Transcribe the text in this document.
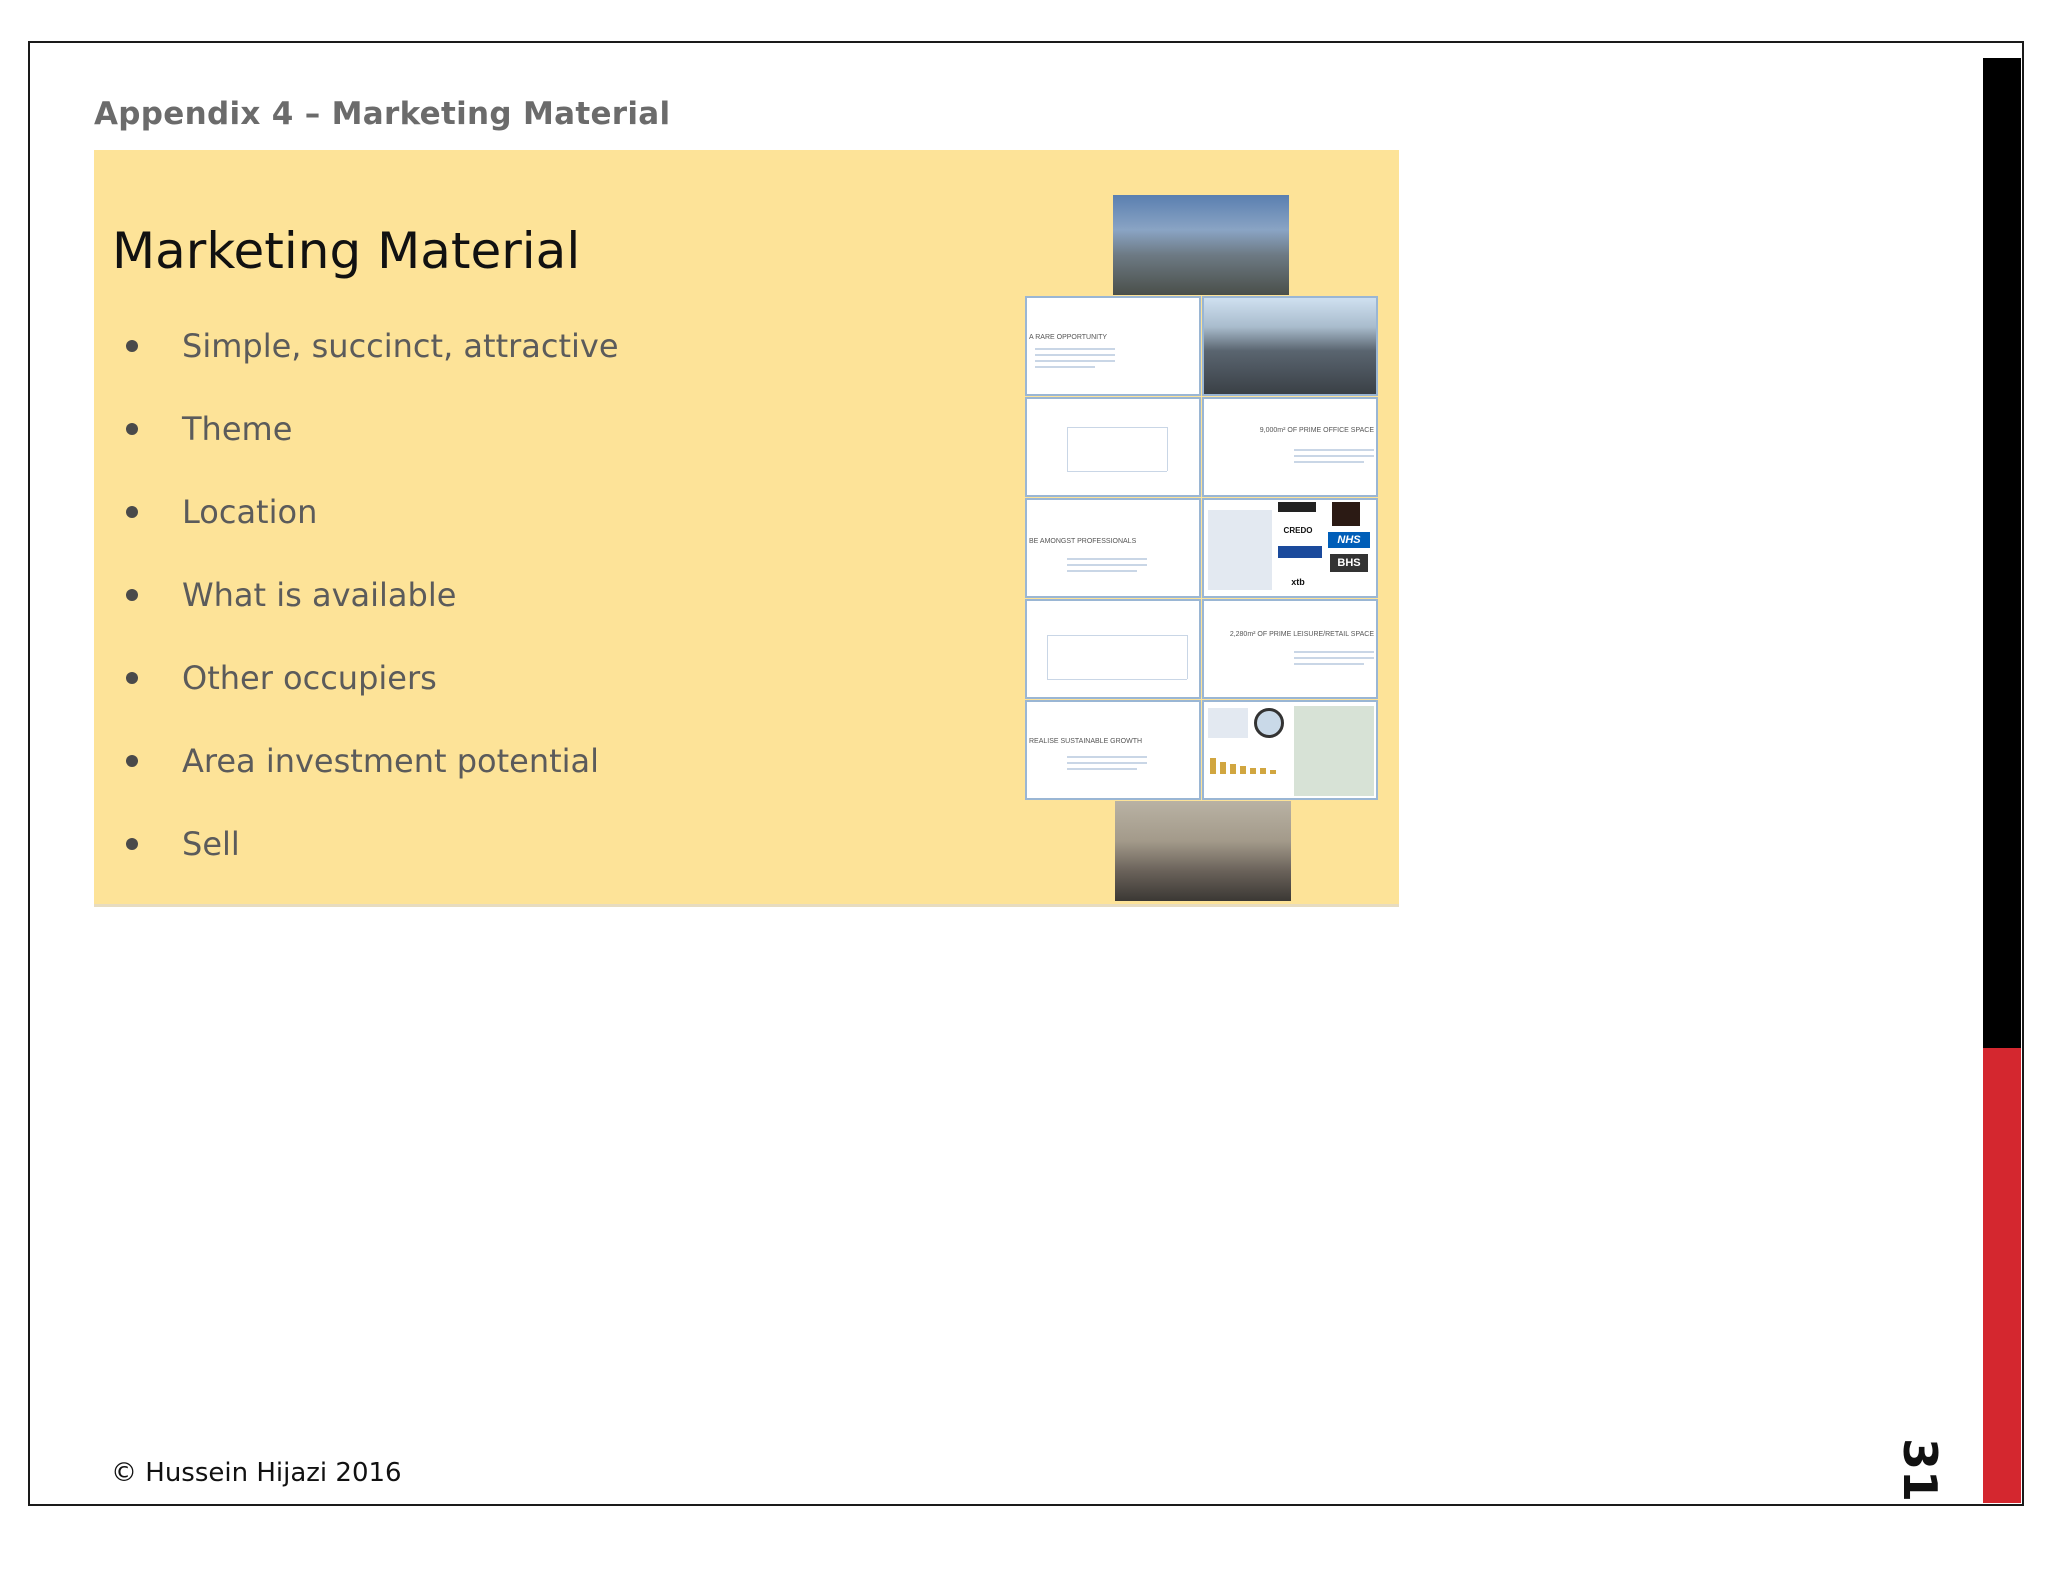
Appendix 4 – Marketing Material
Marketing Material
Simple, succinct, attractive
Theme
Location
What is available
Other occupiers
Area investment potential
Sell
A RARE OPPORTUNITY
9,000m² OF PRIME OFFICE SPACE
BE AMONGST PROFESSIONALS
CREDO
NHS
BHS
xtb
2,280m² OF PRIME LEISURE/RETAIL SPACE
REALISE SUSTAINABLE GROWTH

© Hussein Hijazi 2016	31
